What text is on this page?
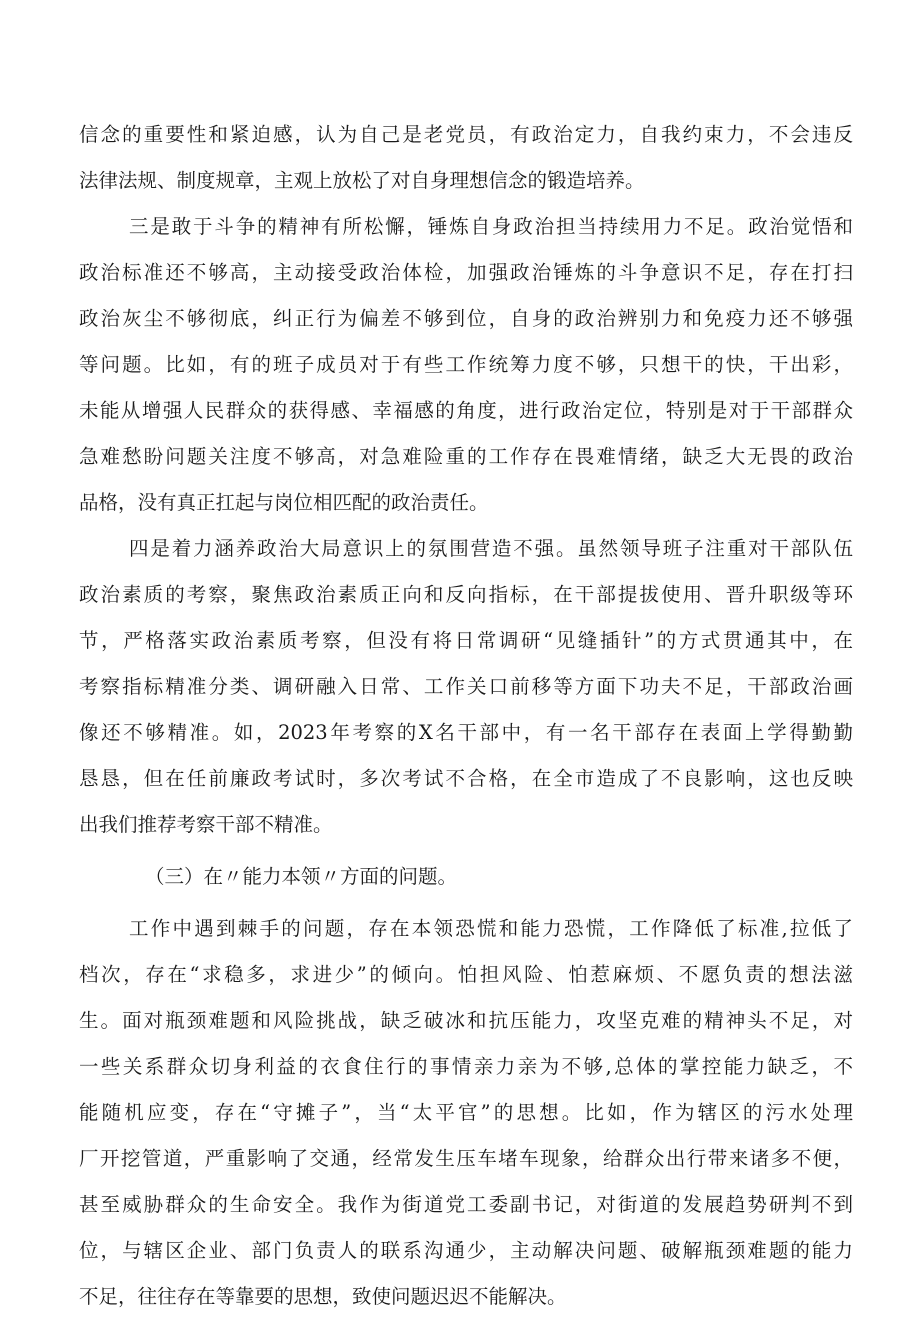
信念的重要性和紧迫感，认为自己是老党员，有政治定力，自我约束力，不会违反
法律法规、制度规章，主观上放松了对自身理想信念的锻造培养。
三是敢于斗争的精神有所松懈，锤炼自身政治担当持续用力不足。政治觉悟和
政治标准还不够高，主动接受政治体检，加强政治锤炼的斗争意识不足，存在打扫
政治灰尘不够彻底，纠正行为偏差不够到位，自身的政治辨别力和免疫力还不够强
等问题。比如，有的班子成员对于有些工作统筹力度不够，只想干的快，干出彩，
未能从增强人民群众的获得感、幸福感的角度，进行政治定位，特别是对于干部群众
急难愁盼问题关注度不够高，对急难险重的工作存在畏难情绪，缺乏大无畏的政治
品格，没有真正扛起与岗位相匹配的政治责任。
四是着力涵养政治大局意识上的氛围营造不强。虽然领导班子注重对干部队伍
政治素质的考察，聚焦政治素质正向和反向指标，在干部提拔使用、晋升职级等环
节，严格落实政治素质考察，但没有将日常调研“见缝插针”的方式贯通其中，在
考察指标精准分类、调研融入日常、工作关口前移等方面下功夫不足，干部政治画
像还不够精准。如，2023年考察的X名干部中，有一名干部存在表面上学得勤勤
恳恳，但在任前廉政考试时，多次考试不合格，在全市造成了不良影响，这也反映
出我们推荐考察干部不精准。
（三）在〃能力本领〃方面的问题。
工作中遇到棘手的问题，存在本领恐慌和能力恐慌，工作降低了标准,拉低了
档次，存在“求稳多，求进少”的倾向。怕担风险、怕惹麻烦、不愿负责的想法滋
生。面对瓶颈难题和风险挑战，缺乏破冰和抗压能力，攻坚克难的精神头不足，对
一些关系群众切身利益的衣食住行的事情亲力亲为不够,总体的掌控能力缺乏，不
能随机应变，存在“守摊子”，当“太平官”的思想。比如，作为辖区的污水处理
厂开挖管道，严重影响了交通，经常发生压车堵车现象，给群众出行带来诸多不便，
甚至威胁群众的生命安全。我作为街道党工委副书记，对街道的发展趋势研判不到
位，与辖区企业、部门负责人的联系沟通少，主动解决问题、破解瓶颈难题的能力
不足，往往存在等靠要的思想，致使问题迟迟不能解决。
